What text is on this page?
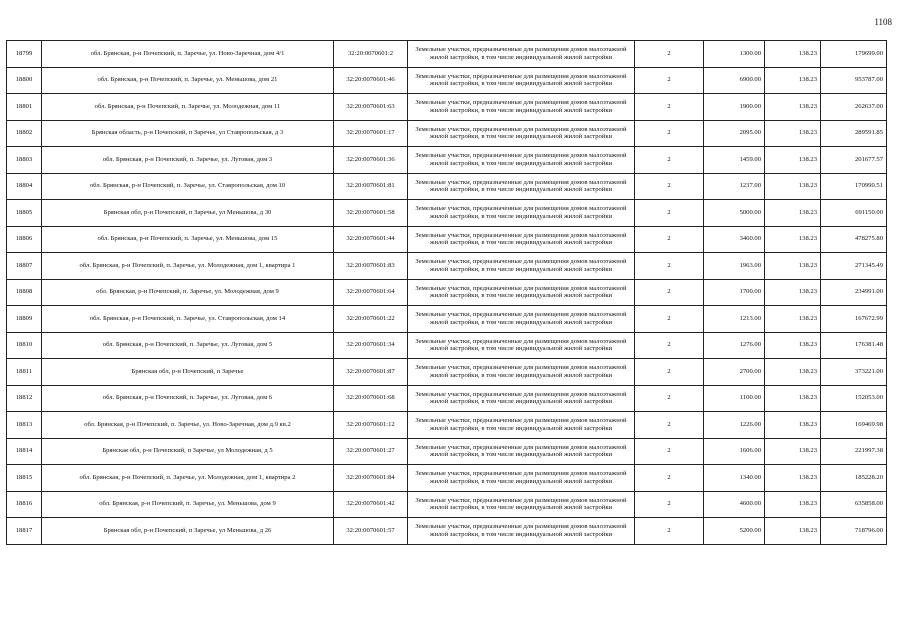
1108
18799	обл. Брянская, р-н Почепский, п. Заречье, ул. Ново-Заречная, дом 4/1	32:20:0070601:2	Земельные участки, предназначенные для размещения домов малоэтажной жилой застройки, в том числе индивидуальной жилой застройки	2	1300.00	138.23	179699.00
18800	обл. Брянская, р-н Почепский, п. Заречье, ул. Меньшова, дом 21	32:20:0070601:46	Земельные участки, предназначенные для размещения домов малоэтажной жилой застройки, в том числе индивидуальной жилой застройки	2	6900.00	138.23	953787.00
18801	обл. Брянская, р-н Почепский, п. Заречье, ул. Молодежная, дом 11	32:20:0070601:63	Земельные участки, предназначенные для размещения домов малоэтажной жилой застройки, в том числе индивидуальной жилой застройки	2	1900.00	138.23	262637.00
18802	Брянская область, р-н Почепский, п Заречье, ул Ставропольская, д 3	32:20:0070601:17	Земельные участки, предназначенные для размещения домов малоэтажной жилой застройки, в том числе индивидуальной жилой застройки	2	2095.00	138.23	289591.85
18803	обл. Брянская, р-н Почепский, п. Заречье, ул. Луговая, дом 3	32:20:0070601:36	Земельные участки, предназначенные для размещения домов малоэтажной жилой застройки, в том числе индивидуальной жилой застройки	2	1459.00	138.23	201677.57
18804	обл. Брянская, р-н Почепский, п. Заречье, ул. Ставропольская, дом 10	32:20:0070601:81	Земельные участки, предназначенные для размещения домов малоэтажной жилой застройки, в том числе индивидуальной жилой застройки	2	1237.00	138.23	170990.51
18805	Брянская обл, р-н Почепский, п Заречье, ул Меньшова, д 30	32:20:0070601:58	Земельные участки, предназначенные для размещения домов малоэтажной жилой застройки, в том числе индивидуальной жилой застройки	2	5000.00	138.23	691150.00
18806	обл. Брянская, р-н Почепский, п. Заречье, ул. Меньшова, дом 15	32:20:0070601:44	Земельные участки, предназначенные для размещения домов малоэтажной жилой застройки, в том числе индивидуальной жилой застройки	2	3460.00	138.23	478275.80
18807	обл. Брянская, р-н Почепский, п. Заречье, ул. Молодежная, дом 1, квартира 1	32:20:0070601:83	Земельные участки, предназначенные для размещения домов малоэтажной жилой застройки, в том числе индивидуальной жилой застройки	2	1963.00	138.23	271345.49
18808	обл. Брянская, р-н Почепский, п. Заречье, ул. Молодежная, дом 9	32:20:0070601:64	Земельные участки, предназначенные для размещения домов малоэтажной жилой застройки, в том числе индивидуальной жилой застройки	2	1700.00	138.23	234991.00
18809	обл. Брянская, р-н Почепский, п. Заречье, ул. Ставропольская, дом 14	32:20:0070601:22	Земельные участки, предназначенные для размещения домов малоэтажной жилой застройки, в том числе индивидуальной жилой застройки	2	1213.00	138.23	167672.99
18810	обл. Брянская, р-н Почепский, п. Заречье, ул. Луговая, дом 5	32:20:0070601:34	Земельные участки, предназначенные для размещения домов малоэтажной жилой застройки, в том числе индивидуальной жилой застройки	2	1276.00	138.23	176381.48
18811	Брянская обл, р-н Почепский, п Заречье	32:20:0070601:87	Земельные участки, предназначенные для размещения домов малоэтажной жилой застройки, в том числе индивидуальной жилой застройки	2	2700.00	138.23	373221.00
18812	обл. Брянская, р-н Почепский, п. Заречье, ул. Луговая, дом 6	32:20:0070601:68	Земельные участки, предназначенные для размещения домов малоэтажной жилой застройки, в том числе индивидуальной жилой застройки	2	1100.00	138.23	152053.00
18813	обл. Брянская, р-н Почепский, п. Заречье, ул. Ново-Заречная, дом д.9 кв.2	32:20:0070601:12	Земельные участки, предназначенные для размещения домов малоэтажной жилой застройки, в том числе индивидуальной жилой застройки	2	1226.00	138.23	169469.98
18814	Брянская обл, р-н Почепский, п Заречье, ул Молодежная, д 5	32:20:0070601:27	Земельные участки, предназначенные для размещения домов малоэтажной жилой застройки, в том числе индивидуальной жилой застройки	2	1606.00	138.23	221997.38
18815	обл. Брянская, р-н Почепский, п. Заречье, ул. Молодежная, дом 1, квартира 2	32:20:0070601:84	Земельные участки, предназначенные для размещения домов малоэтажной жилой застройки, в том числе индивидуальной жилой застройки	2	1340.00	138.23	185228.20
18816	обл. Брянская, р-н Почепский, п. Заречье, ул. Меньшова, дом 9	32:20:0070601:42	Земельные участки, предназначенные для размещения домов малоэтажной жилой застройки, в том числе индивидуальной жилой застройки	2	4600.00	138.23	635858.00
18817	Брянская обл, р-н Почепский, п Заречье, ул Меньшова, д 26	32:20:0070601:57	Земельные участки, предназначенные для размещения домов малоэтажной жилой застройки, в том числе индивидуальной жилой застройки	2	5200.00	138.23	718796.00
